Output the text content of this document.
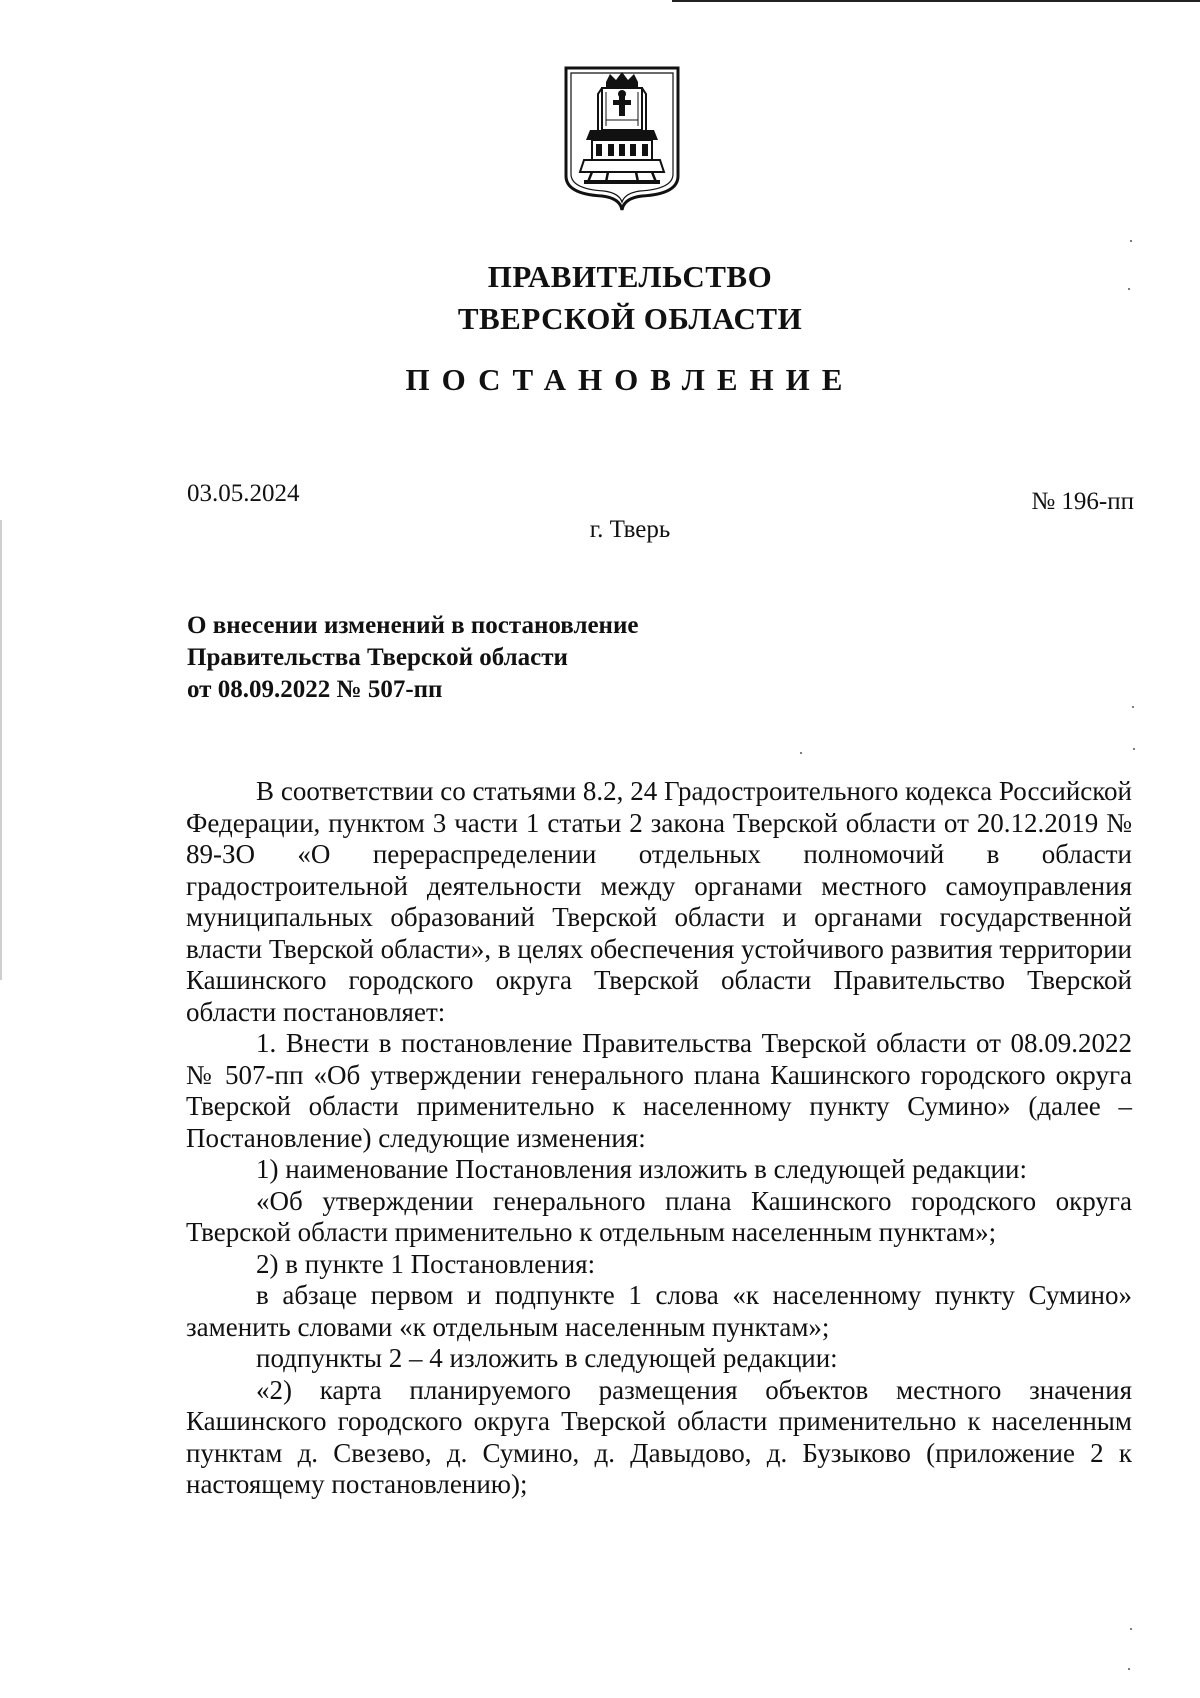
ПРАВИТЕЛЬСТВО
ТВЕРСКОЙ ОБЛАСТИ
ПОСТАНОВЛЕНИЕ
03.05.2024	№ 196-пп
г. Тверь
О внесении изменений в постановление
Правительства Тверской области
от 08.09.2022 № 507-пп

В соответствии со статьями 8.2, 24 Градостроительного кодекса Российской Федерации, пунктом 3 части 1 статьи 2 закона Тверской области от 20.12.2019 № 89-ЗО «О перераспределении отдельных полномочий в области градостроительной деятельности между органами местного самоуправления муниципальных образований Тверской области и органами государственной власти Тверской области», в целях обеспечения устойчивого развития территории Кашинского городского округа Тверской области Правительство Тверской области постановляет:

1. Внести в постановление Правительства Тверской области от 08.09.2022 № 507-пп «Об утверждении генерального плана Кашинского городского округа Тверской области применительно к населенному пункту Сумино» (далее – Постановление) следующие изменения:

1) наименование Постановления изложить в следующей редакции:

«Об утверждении генерального плана Кашинского городского округа Тверской области применительно к отдельным населенным пунктам»;

2) в пункте 1 Постановления:

в абзаце первом и подпункте 1 слова «к населенному пункту Сумино» заменить словами «к отдельным населенным пунктам»;

подпункты 2 – 4 изложить в следующей редакции:

«2) карта планируемого размещения объектов местного значения Кашинского городского округа Тверской области применительно к населенным пунктам д. Свезево, д. Сумино, д. Давыдово, д. Бузыково (приложение 2 к настоящему постановлению);
